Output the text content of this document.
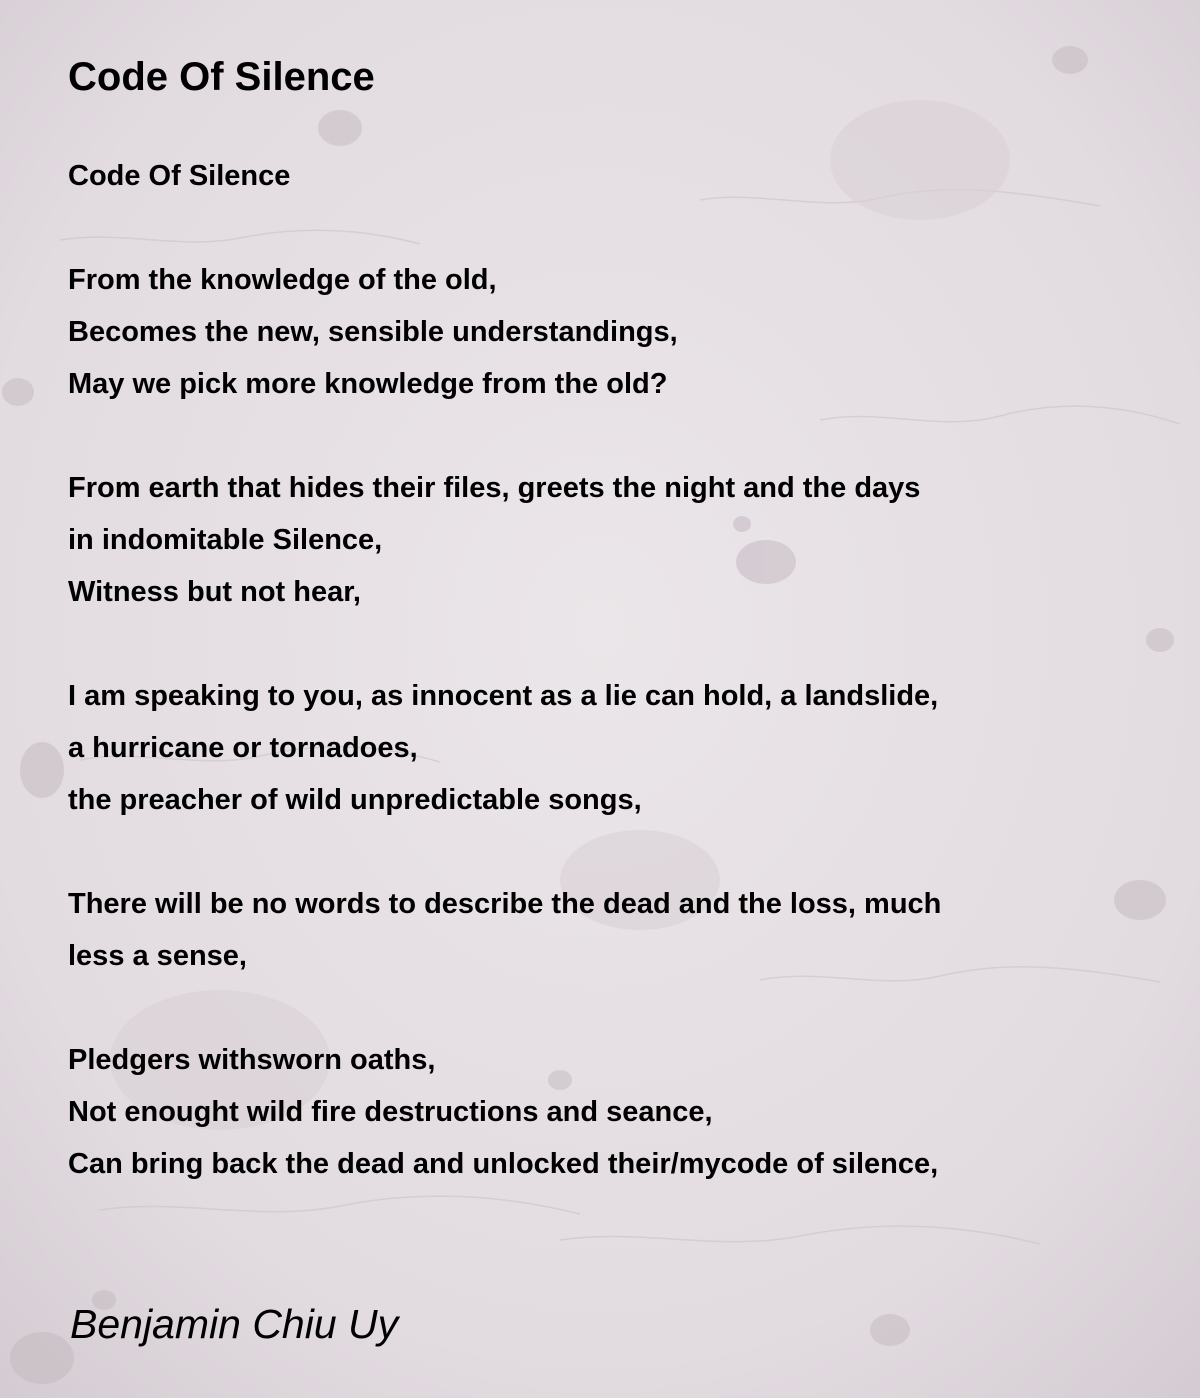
Code Of Silence
Code Of Silence
From the knowledge of the old,
Becomes the new, sensible understandings,
May we pick more knowledge from the old?
From earth that hides their files, greets the night and the days
in indomitable Silence,
Witness but not hear,
I am speaking to you, as innocent as a lie can hold, a landslide,
a hurricane or tornadoes,
the preacher of wild unpredictable songs,
There will be no words to describe the dead and the loss, much
less a sense,
Pledgers withsworn oaths,
Not enought wild fire destructions and seance,
Can bring back the dead and unlocked their/mycode of silence,
Benjamin Chiu Uy
